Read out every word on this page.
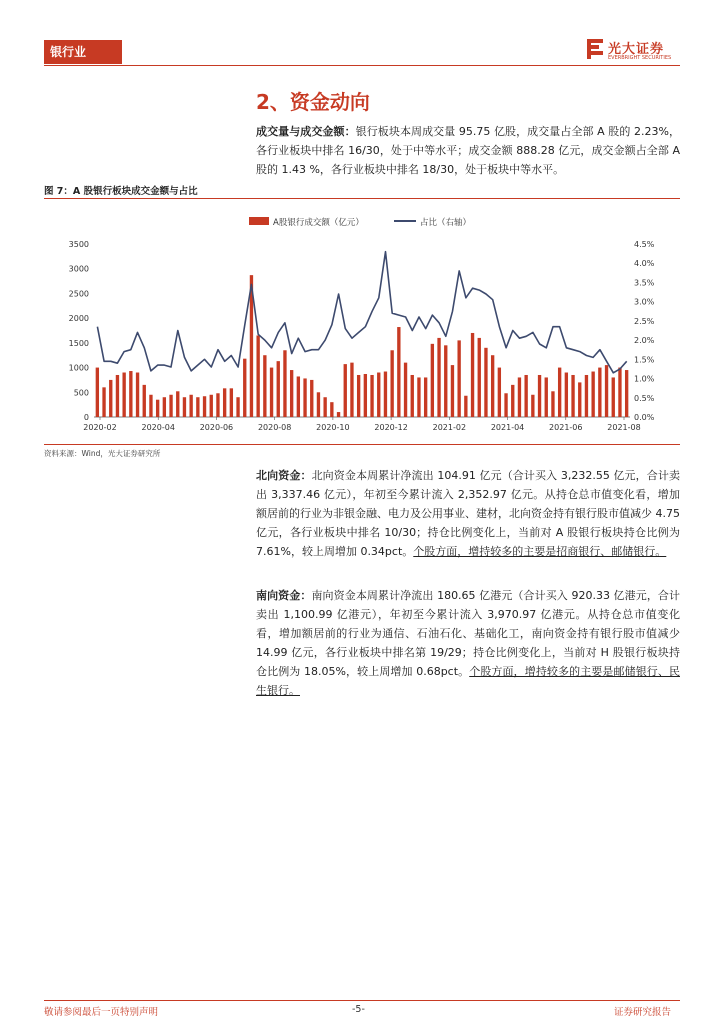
银行业	光大证券
EVERBRIGHT SECURITIES
2、资金动向
成交量与成交金额：银行板块本周成交量 95.75 亿股，成交量占全部 A 股的 2.23%，各行业板块中排名 16/30，处于中等水平；成交金额 888.28 亿元，成交金额占全部 A 股的 1.43 %，各行业板块中排名 18/30，处于板块中等水平。
图 7：A 股银行板块成交金额与占比
A股银行成交额（亿元）	占比（右轴）
3500
3000
2500
2000
1500
1000
500
0
4.5%
4.0%
3.5%
3.0%
2.5%
2.0%
1.5%
1.0%
0.5%
0.0%
2020-02	2020-04	2020-06	2020-08	2020-10	2020-12	2021-02	2021-04	2021-06	2021-08
资料来源：Wind，光大证券研究所
北向资金：北向资金本周累计净流出 104.91 亿元（合计买入 3,232.55 亿元，合计卖出 3,337.46 亿元），年初至今累计流入 2,352.97 亿元。从持仓总市值变化看，增加额居前的行业为非银金融、电力及公用事业、建材，北向资金持有银行股市值减少 4.75 亿元，各行业板块中排名 10/30；持仓比例变化上，当前对 A 股银行板块持仓比例为 7.61%，较上周增加 0.34pct。个股方面，增持较多的主要是招商银行、邮储银行。
南向资金：南向资金本周累计净流出 180.65 亿港元（合计买入 920.33 亿港元，合计卖出 1,100.99 亿港元），年初至今累计流入 3,970.97 亿港元。从持仓总市值变化看，增加额居前的行业为通信、石油石化、基础化工，南向资金持有银行股市值减少 14.99 亿元，各行业板块中排名第 19/29；持仓比例变化上，当前对 H 股银行板块持仓比例为 18.05%，较上周增加 0.68pct。个股方面，增持较多的主要是邮储银行、民生银行。
敬请参阅最后一页特别声明	-5-	证券研究报告
